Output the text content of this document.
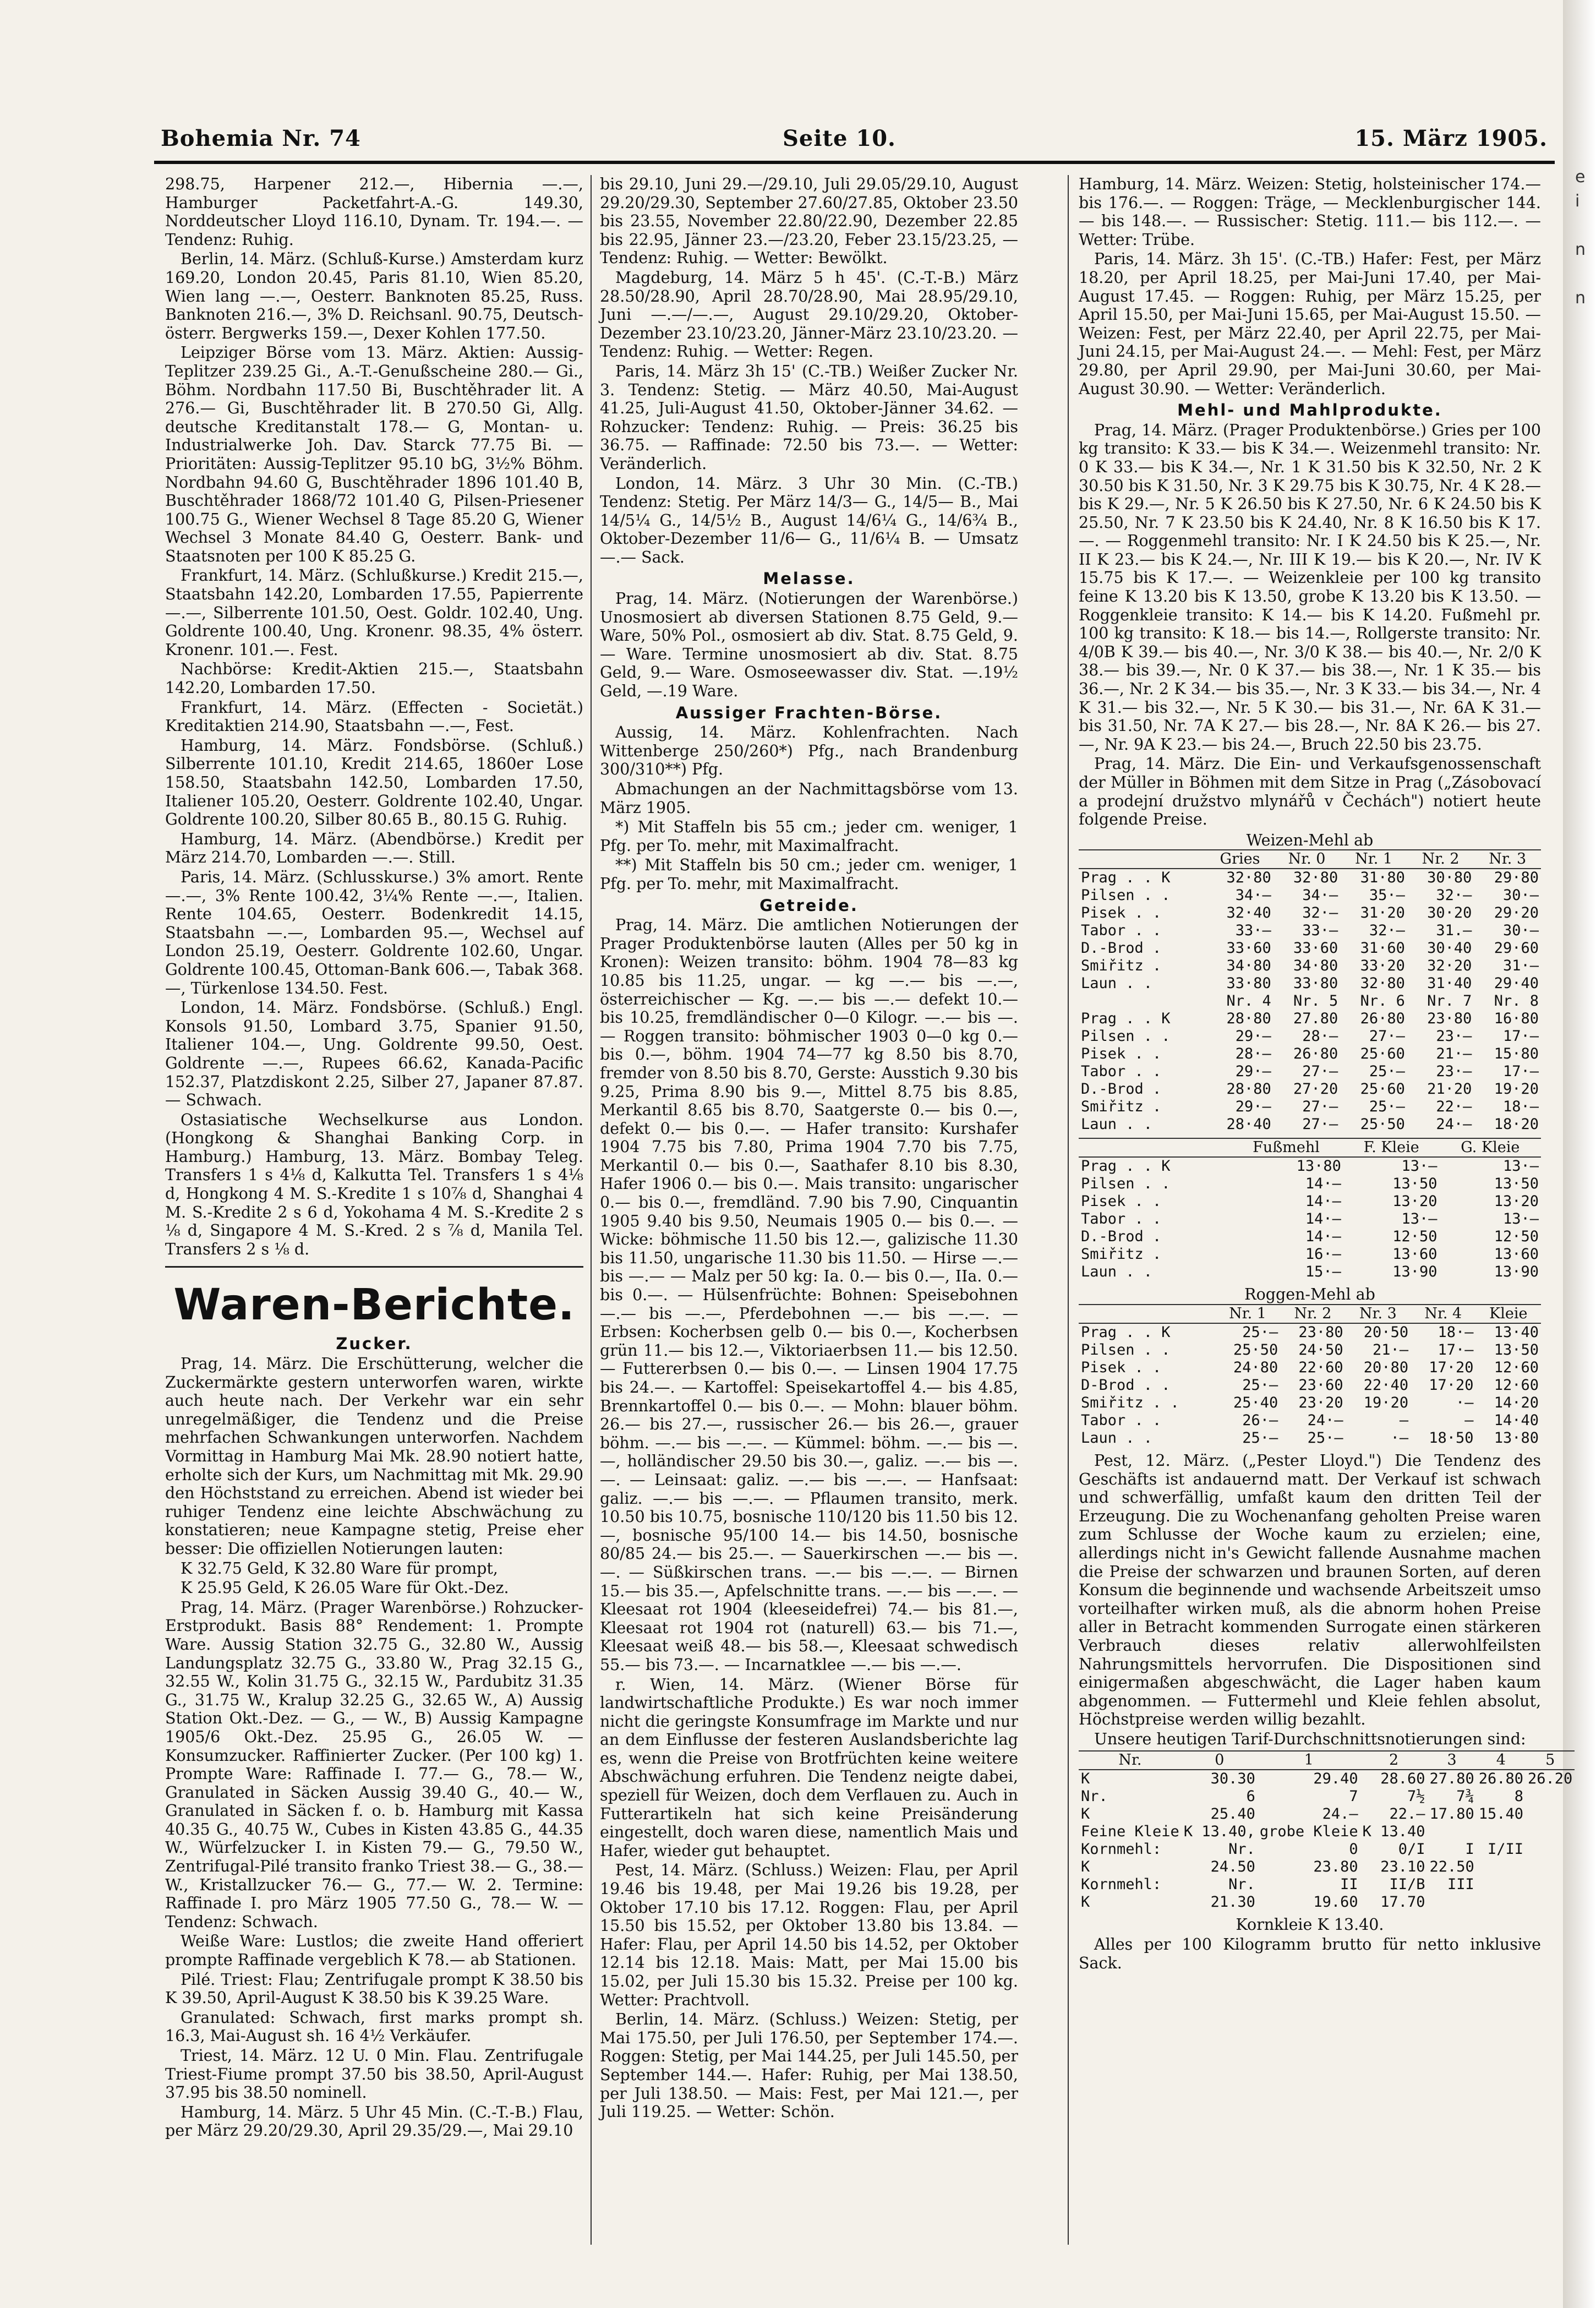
e
i

n

n
Bohemia Nr. 74	Seite 10.	15. März 1905.

298.75, Harpener 212.—, Hibernia —.—, Hamburger Packetfahrt-A.-G. 149.30, Norddeutscher Lloyd 116.10, Dynam. Tr. 194.—. — Tendenz: Ruhig.

Berlin, 14. März. (Schluß-Kurse.) Amsterdam kurz 169.20, London 20.45, Paris 81.10, Wien 85.20, Wien lang —.—, Oesterr. Banknoten 85.25, Russ. Banknoten 216.—, 3% D. Reichsanl. 90.75, Deutsch-österr. Bergwerks 159.—, Dexer Kohlen 177.50.

Leipziger Börse vom 13. März. Aktien: Aussig-Teplitzer 239.25 Gi., A.-T.-Genußscheine 280.— Gi., Böhm. Nordbahn 117.50 Bi, Buschtěhrader lit. A 276.— Gi, Buschtěhrader lit. B 270.50 Gi, Allg. deutsche Kreditanstalt 178.— G, Montan- u. Industrialwerke Joh. Dav. Starck 77.75 Bi. — Prioritäten: Aussig-Teplitzer 95.10 bG, 3½% Böhm. Nordbahn 94.60 G, Buschtěhrader 1896 101.40 B, Buschtěhrader 1868/72 101.40 G, Pilsen-Priesener 100.75 G., Wiener Wechsel 8 Tage 85.20 G, Wiener Wechsel 3 Monate 84.40 G, Oesterr. Bank- und Staatsnoten per 100 K 85.25 G.

Frankfurt, 14. März. (Schlußkurse.) Kredit 215.—, Staatsbahn 142.20, Lombarden 17.55, Papierrente —.—, Silberrente 101.50, Oest. Goldr. 102.40, Ung. Goldrente 100.40, Ung. Kronenr. 98.35, 4% österr. Kronenr. 101.—. Fest.

Nachbörse: Kredit-Aktien 215.—, Staatsbahn 142.20, Lombarden 17.50.

Frankfurt, 14. März. (Effecten - Societät.) Kreditaktien 214.90, Staatsbahn —.—, Fest.

Hamburg, 14. März. Fondsbörse. (Schluß.) Silberrente 101.10, Kredit 214.65, 1860er Lose 158.50, Staatsbahn 142.50, Lombarden 17.50, Italiener 105.20, Oesterr. Goldrente 102.40, Ungar. Goldrente 100.20, Silber 80.65 B., 80.15 G. Ruhig.

Hamburg, 14. März. (Abendbörse.) Kredit per März 214.70, Lombarden —.—. Still.

Paris, 14. März. (Schlusskurse.) 3% amort. Rente —.—, 3% Rente 100.42, 3¼% Rente —.—, Italien. Rente 104.65, Oesterr. Bodenkredit 14.15, Staatsbahn —.—, Lombarden 95.—, Wechsel auf London 25.19, Oesterr. Goldrente 102.60, Ungar. Goldrente 100.45, Ottoman-Bank 606.—, Tabak 368.—, Türkenlose 134.50. Fest.

London, 14. März. Fondsbörse. (Schluß.) Engl. Konsols 91.50, Lombard 3.75, Spanier 91.50, Italiener 104.—, Ung. Goldrente 99.50, Oest. Goldrente —.—, Rupees 66.62, Kanada-Pacific 152.37, Platzdiskont 2.25, Silber 27, Japaner 87.87. — Schwach.

Ostasiatische Wechselkurse aus London. (Hongkong & Shanghai Banking Corp. in Hamburg.) Hamburg, 13. März. Bombay Teleg. Transfers 1 s 4⅛ d, Kalkutta Tel. Transfers 1 s 4⅛ d, Hongkong 4 M. S.-Kredite 1 s 10⅞ d, Shanghai 4 M. S.-Kredite 2 s 6 d, Yokohama 4 M. S.-Kredite 2 s ⅛ d, Singapore 4 M. S.-Kred. 2 s ⅞ d, Manila Tel. Transfers 2 s ⅛ d.

Waren-Berichte.
Zucker.

Prag, 14. März. Die Erschütterung, welcher die Zuckermärkte gestern unterworfen waren, wirkte auch heute nach. Der Verkehr war ein sehr unregelmäßiger, die Tendenz und die Preise mehrfachen Schwankungen unterworfen. Nachdem Vormittag in Hamburg Mai Mk. 28.90 notiert hatte, erholte sich der Kurs, um Nachmittag mit Mk. 29.90 den Höchststand zu erreichen. Abend ist wieder bei ruhiger Tendenz eine leichte Abschwächung zu konstatieren; neue Kampagne stetig, Preise eher besser: Die offiziellen Notierungen lauten:

K 32.75 Geld, K 32.80 Ware für prompt,

K 25.95 Geld, K 26.05 Ware für Okt.-Dez.

Prag, 14. März. (Prager Warenbörse.) Rohzucker-Erstprodukt. Basis 88° Rendement: 1. Prompte Ware. Aussig Station 32.75 G., 32.80 W., Aussig Landungsplatz 32.75 G., 33.80 W., Prag 32.15 G., 32.55 W., Kolin 31.75 G., 32.15 W., Pardubitz 31.35 G., 31.75 W., Kralup 32.25 G., 32.65 W., A) Aussig Station Okt.-Dez. — G., — W., B) Aussig Kampagne 1905/6 Okt.-Dez. 25.95 G., 26.05 W. — Konsumzucker. Raffinierter Zucker. (Per 100 kg) 1. Prompte Ware: Raffinade I. 77.— G., 78.— W., Granulated in Säcken Aussig 39.40 G., 40.— W., Granulated in Säcken f. o. b. Hamburg mit Kassa 40.35 G., 40.75 W., Cubes in Kisten 43.85 G., 44.35 W., Würfelzucker I. in Kisten 79.— G., 79.50 W., Zentrifugal-Pilé transito franko Triest 38.— G., 38.— W., Kristallzucker 76.— G., 77.— W. 2. Termine: Raffinade I. pro März 1905 77.50 G., 78.— W. — Tendenz: Schwach.

Weiße Ware: Lustlos; die zweite Hand offeriert prompte Raffinade vergeblich K 78.— ab Stationen.

Pilé. Triest: Flau; Zentrifugale prompt K 38.50 bis K 39.50, April-August K 38.50 bis K 39.25 Ware.

Granulated: Schwach, first marks prompt sh. 16.3, Mai-August sh. 16 4½ Verkäufer.

Triest, 14. März. 12 U. 0 Min. Flau. Zentrifugale Triest-Fiume prompt 37.50 bis 38.50, April-August 37.95 bis 38.50 nominell.

Hamburg, 14. März. 5 Uhr 45 Min. (C.-T.-B.) Flau, per März 29.20/29.30, April 29.35/29.—, Mai 29.10

bis 29.10, Juni 29.—/29.10, Juli 29.05/29.10, August 29.20/29.30, September 27.60/27.85, Oktober 23.50 bis 23.55, November 22.80/22.90, Dezember 22.85 bis 22.95, Jänner 23.—/23.20, Feber 23.15/23.25, — Tendenz: Ruhig. — Wetter: Bewölkt.

Magdeburg, 14. März 5 h 45'. (C.-T.-B.) März 28.50/28.90, April 28.70/28.90, Mai 28.95/29.10, Juni —.—/—.—, August 29.10/29.20, Oktober-Dezember 23.10/23.20, Jänner-März 23.10/23.20. — Tendenz: Ruhig. — Wetter: Regen.

Paris, 14. März 3h 15' (C.-TB.) Weißer Zucker Nr. 3. Tendenz: Stetig. — März 40.50, Mai-August 41.25, Juli-August 41.50, Oktober-Jänner 34.62. — Rohzucker: Tendenz: Ruhig. — Preis: 36.25 bis 36.75. — Raffinade: 72.50 bis 73.—. — Wetter: Veränderlich.

London, 14. März. 3 Uhr 30 Min. (C.-TB.) Tendenz: Stetig. Per März 14/3— G., 14/5— B., Mai 14/5¼ G., 14/5½ B., August 14/6¼ G., 14/6¾ B., Oktober-Dezember 11/6— G., 11/6¼ B. — Umsatz —.— Sack.

Melasse.

Prag, 14. März. (Notierungen der Warenbörse.) Unosmosiert ab diversen Stationen 8.75 Geld, 9.— Ware, 50% Pol., osmosiert ab div. Stat. 8.75 Geld, 9.— Ware. Termine unosmosiert ab div. Stat. 8.75 Geld, 9.— Ware. Osmoseewasser div. Stat. —.19½ Geld, —.19 Ware.

Aussiger Frachten-Börse.

Aussig, 14. März. Kohlenfrachten. Nach Wittenberge 250/260*) Pfg., nach Brandenburg 300/310**) Pfg.

Abmachungen an der Nachmittagsbörse vom 13. März 1905.

*) Mit Staffeln bis 55 cm.; jeder cm. weniger, 1 Pfg. per To. mehr, mit Maximalfracht.

**) Mit Staffeln bis 50 cm.; jeder cm. weniger, 1 Pfg. per To. mehr, mit Maximalfracht.

Getreide.

Prag, 14. März. Die amtlichen Notierungen der Prager Produktenbörse lauten (Alles per 50 kg in Kronen): Weizen transito: böhm. 1904 78—83 kg 10.85 bis 11.25, ungar. — kg —.— bis —.—, österreichischer — Kg. —.— bis —.— defekt 10.— bis 10.25, fremdländischer 0—0 Kilogr. —.— bis —.— Roggen transito: böhmischer 1903 0—0 kg 0.— bis 0.—, böhm. 1904 74—77 kg 8.50 bis 8.70, fremder von 8.50 bis 8.70, Gerste: Ausstich 9.30 bis 9.25, Prima 8.90 bis 9.—, Mittel 8.75 bis 8.85, Merkantil 8.65 bis 8.70, Saatgerste 0.— bis 0.—, defekt 0.— bis 0.—. — Hafer transito: Kurshafer 1904 7.75 bis 7.80, Prima 1904 7.70 bis 7.75, Merkantil 0.— bis 0.—, Saathafer 8.10 bis 8.30, Hafer 1906 0.— bis 0.—. Mais transito: ungarischer 0.— bis 0.—, fremdländ. 7.90 bis 7.90, Cinquantin 1905 9.40 bis 9.50, Neumais 1905 0.— bis 0.—. — Wicke: böhmische 11.50 bis 12.—, galizische 11.30 bis 11.50, ungarische 11.30 bis 11.50. — Hirse —.— bis —.— — Malz per 50 kg: Ia. 0.— bis 0.—, IIa. 0.— bis 0.—. — Hülsenfrüchte: Bohnen: Speisebohnen —.— bis —.—, Pferdebohnen —.— bis —.—. — Erbsen: Kocherbsen gelb 0.— bis 0.—, Kocherbsen grün 11.— bis 12.—, Viktoriaerbsen 11.— bis 12.50. — Futtererbsen 0.— bis 0.—. — Linsen 1904 17.75 bis 24.—. — Kartoffel: Speisekartoffel 4.— bis 4.85, Brennkartoffel 0.— bis 0.—. — Mohn: blauer böhm. 26.— bis 27.—, russischer 26.— bis 26.—, grauer böhm. —.— bis —.—. — Kümmel: böhm. —.— bis —.—, holländischer 29.50 bis 30.—, galiz. —.— bis —.—. — Leinsaat: galiz. —.— bis —.—. — Hanfsaat: galiz. —.— bis —.—. — Pflaumen transito, merk. 10.50 bis 10.75, bosnische 110/120 bis 11.50 bis 12.—, bosnische 95/100 14.— bis 14.50, bosnische 80/85 24.— bis 25.—. — Sauerkirschen —.— bis —.—. — Süßkirschen trans. —.— bis —.—. — Birnen 15.— bis 35.—, Apfelschnitte trans. —.— bis —.—. — Kleesaat rot 1904 (kleeseidefrei) 74.— bis 81.—, Kleesaat rot 1904 rot (naturell) 63.— bis 71.—, Kleesaat weiß 48.— bis 58.—, Kleesaat schwedisch 55.— bis 73.—. — Incarnatklee —.— bis —.—.

r. Wien, 14. März. (Wiener Börse für landwirtschaftliche Produkte.) Es war noch immer nicht die geringste Konsumfrage im Markte und nur an dem Einflusse der festeren Auslandsberichte lag es, wenn die Preise von Brotfrüchten keine weitere Abschwächung erfuhren. Die Tendenz neigte dabei, speziell für Weizen, doch dem Verflauen zu. Auch in Futterartikeln hat sich keine Preisänderung eingestellt, doch waren diese, namentlich Mais und Hafer, wieder gut behauptet.

Pest, 14. März. (Schluss.) Weizen: Flau, per April 19.46 bis 19.48, per Mai 19.26 bis 19.28, per Oktober 17.10 bis 17.12. Roggen: Flau, per April 15.50 bis 15.52, per Oktober 13.80 bis 13.84. — Hafer: Flau, per April 14.50 bis 14.52, per Oktober 12.14 bis 12.18. Mais: Matt, per Mai 15.00 bis 15.02, per Juli 15.30 bis 15.32. Preise per 100 kg. Wetter: Prachtvoll.

Berlin, 14. März. (Schluss.) Weizen: Stetig, per Mai 175.50, per Juli 176.50, per September 174.—. Roggen: Stetig, per Mai 144.25, per Juli 145.50, per September 144.—. Hafer: Ruhig, per Mai 138.50, per Juli 138.50. — Mais: Fest, per Mai 121.—, per Juli 119.25. — Wetter: Schön.

Hamburg, 14. März. Weizen: Stetig, holsteinischer 174.— bis 176.—. — Roggen: Träge, — Mecklenburgischer 144.— bis 148.—. — Russischer: Stetig. 111.— bis 112.—. — Wetter: Trübe.

Paris, 14. März. 3h 15'. (C.-TB.) Hafer: Fest, per März 18.20, per April 18.25, per Mai-Juni 17.40, per Mai-August 17.45. — Roggen: Ruhig, per März 15.25, per April 15.50, per Mai-Juni 15.65, per Mai-August 15.50. — Weizen: Fest, per März 22.40, per April 22.75, per Mai-Juni 24.15, per Mai-August 24.—. — Mehl: Fest, per März 29.80, per April 29.90, per Mai-Juni 30.60, per Mai-August 30.90. — Wetter: Veränderlich.

Mehl- und Mahlprodukte.

Prag, 14. März. (Prager Produktenbörse.) Gries per 100 kg transito: K 33.— bis K 34.—. Weizenmehl transito: Nr. 0 K 33.— bis K 34.—, Nr. 1 K 31.50 bis K 32.50, Nr. 2 K 30.50 bis K 31.50, Nr. 3 K 29.75 bis K 30.75, Nr. 4 K 28.— bis K 29.—, Nr. 5 K 26.50 bis K 27.50, Nr. 6 K 24.50 bis K 25.50, Nr. 7 K 23.50 bis K 24.40, Nr. 8 K 16.50 bis K 17.—. — Roggenmehl transito: Nr. I K 24.50 bis K 25.—, Nr. II K 23.— bis K 24.—, Nr. III K 19.— bis K 20.—, Nr. IV K 15.75 bis K 17.—. — Weizenkleie per 100 kg transito feine K 13.20 bis K 13.50, grobe K 13.20 bis K 13.50. — Roggenkleie transito: K 14.— bis K 14.20. Fußmehl pr. 100 kg transito: K 18.— bis 14.—, Rollgerste transito: Nr. 4/0B K 39.— bis 40.—, Nr. 3/0 K 38.— bis 40.—, Nr. 2/0 K 38.— bis 39.—, Nr. 0 K 37.— bis 38.—, Nr. 1 K 35.— bis 36.—, Nr. 2 K 34.— bis 35.—, Nr. 3 K 33.— bis 34.—, Nr. 4 K 31.— bis 32.—, Nr. 5 K 30.— bis 31.—, Nr. 6A K 31.— bis 31.50, Nr. 7A K 27.— bis 28.—, Nr. 8A K 26.— bis 27.—, Nr. 9A K 23.— bis 24.—, Bruch 22.50 bis 23.75.

Prag, 14. März. Die Ein- und Verkaufsgenossenschaft der Müller in Böhmen mit dem Sitze in Prag („Zásobovací a prodejní družstvo mlynářů v Čechách") notiert heute folgende Preise.

Weizen-Mehl ab
	Gries	Nr. 0	Nr. 1	Nr. 2	Nr. 3
Prag . . K	32·80	32·80	31·80	30·80	29·80
Pilsen . .	34·—	34·—	35·—	32·—	30·—
Pisek . .	32·40	32·—	31·20	30·20	29·20
Tabor . .	33·—	33·—	32·—	31.—	30·—
D.-Brod .	33·60	33·60	31·60	30·40	29·60
Smiřitz .	34·80	34·80	33·20	32·20	31·—
Laun . .	33·80	33·80	32·80	31·40	29·40
	Nr. 4	Nr. 5	Nr. 6	Nr. 7	Nr. 8
Prag . . K	28·80	27.80	26·80	23·80	16·80
Pilsen . .	29·—	28·—	27·—	23·—	17·—
Pisek . .	28·—	26·80	25·60	21·—	15·80
Tabor . .	29·—	27·—	25·—	23·—	17·—
D.-Brod .	28·80	27·20	25·60	21·20	19·20
Smiřitz .	29·—	27·—	25·—	22·—	18·—
Laun . .	28·40	27·—	25·50	24·—	18·20
	Fußmehl	F. Kleie	G. Kleie
Prag . . K	13·80	13·—	13·—
Pilsen . .	14·—	13·50	13·50
Pisek . .	14·—	13·20	13·20
Tabor . .	14·—	13·—	13·—
D.-Brod .	14·—	12·50	12·50
Smiřitz .	16·—	13·60	13·60
Laun . .	15·—	13·90	13·90
Roggen-Mehl ab
	Nr. 1	Nr. 2	Nr. 3	Nr. 4	Kleie
Prag . . K	25·—	23·80	20·50	18·—	13·40
Pilsen . .	25·50	24·50	21·—	17·—	13·50
Pisek . .	24·80	22·60	20·80	17·20	12·60
D-Brod . .	25·—	23·60	22·40	17·20	12·60
Smiřitz . .	25·40	23·20	19·20	·—	14·20
Tabor . .	26·—	24·—	—	—	14·40
Laun . .	25·—	25·—	·—	18·50	13·80

Pest, 12. März. („Pester Lloyd.") Die Tendenz des Geschäfts ist andauernd matt. Der Verkauf ist schwach und schwerfällig, umfaßt kaum den dritten Teil der Erzeugung. Die zu Wochenanfang geholten Preise waren zum Schlusse der Woche kaum zu erzielen; eine, allerdings nicht in's Gewicht fallende Ausnahme machen die Preise der schwarzen und braunen Sorten, auf deren Konsum die beginnende und wachsende Arbeitszeit umso vorteilhafter wirken muß, als die abnorm hohen Preise aller in Betracht kommenden Surrogate einen stärkeren Verbrauch dieses relativ allerwohlfeilsten Nahrungsmittels hervorrufen. Die Dispositionen sind einigermaßen abgeschwächt, die Lager haben kaum abgenommen. — Futtermehl und Kleie fehlen absolut, Höchstpreise werden willig bezahlt.

Unsere heutigen Tarif-Durchschnittsnotierungen sind:

Nr.	0	1	2	3	4	5
K	30.30	29.40	28.60	27.80	26.80	26.20
Nr.	6	7	7½	7¾	8	
K	25.40	24.—	22.—	17.80	15.40	
Feine Kleie	K 13.40,	grobe Kleie	K 13.40			
Kornmehl:	Nr.	0	0/I	I	I/II	
K	24.50	23.80	23.10	22.50		
Kornmehl:	Nr.	II	II/B	III		
K	21.30	19.60	17.70			

Kornkleie K 13.40.

Alles per 100 Kilogramm brutto für netto inklusive Sack.
